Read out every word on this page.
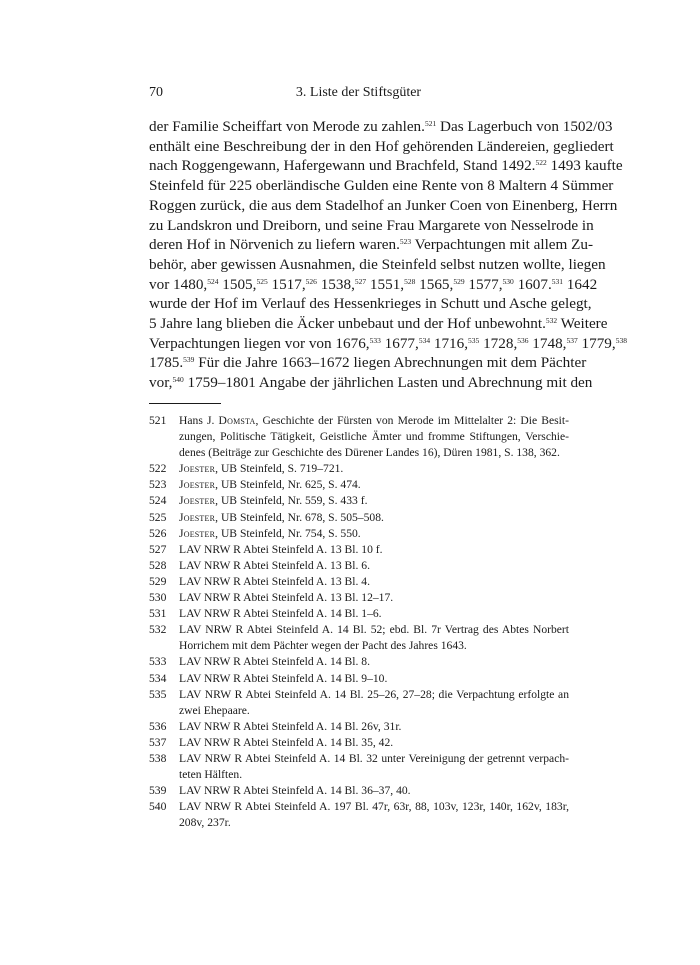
70	3. Liste der Stiftsgüter
der Familie Scheiffart von Merode zu zahlen.$^{521}$ Das Lagerbuch von 1502/03
enthält eine Beschreibung der in den Hof gehörenden Ländereien, gegliedert
nach Roggengewann, Hafergewann und Brachfeld, Stand 1492.$^{522}$ 1493 kaufte
Steinfeld für 225 oberländische Gulden eine Rente von 8 Maltern 4 Sümmer
Roggen zurück, die aus dem Stadelhof an Junker Coen von Einenberg, Herrn
zu Landskron und Dreiborn, und seine Frau Margarete von Nesselrode in
deren Hof in Nörvenich zu liefern waren.$^{523}$ Verpachtungen mit allem Zu-
behör, aber gewissen Ausnahmen, die Steinfeld selbst nutzen wollte, liegen
vor 1480,$^{524}$ 1505,$^{525}$ 1517,$^{526}$ 1538,$^{527}$ 1551,$^{528}$ 1565,$^{529}$ 1577,$^{530}$ 1607.$^{531}$ 1642
wurde der Hof im Verlauf des Hessenkrieges in Schutt und Asche gelegt,
5 Jahre lang blieben die Äcker unbebaut und der Hof unbewohnt.$^{532}$ Weitere
Verpachtungen liegen vor von 1676,$^{533}$ 1677,$^{534}$ 1716,$^{535}$ 1728,$^{536}$ 1748,$^{537}$ 1779,$^{538}$
1785.$^{539}$ Für die Jahre 1663–1672 liegen Abrechnungen mit dem Pächter
vor,$^{540}$ 1759–1801 Angabe der jährlichen Lasten und Abrechnung mit den
521 Hans J. Domsta, Geschichte der Fürsten von Merode im Mittelalter 2: Die Besit-
zungen, Politische Tätigkeit, Geistliche Ämter und fromme Stiftungen, Verschie-
denes (Beiträge zur Geschichte des Dürener Landes 16), Düren 1981, S. 138, 362.
522 Joester, UB Steinfeld, S. 719–721.
523 Joester, UB Steinfeld, Nr. 625, S. 474.
524 Joester, UB Steinfeld, Nr. 559, S. 433 f.
525 Joester, UB Steinfeld, Nr. 678, S. 505–508.
526 Joester, UB Steinfeld, Nr. 754, S. 550.
527 LAV NRW R Abtei Steinfeld A. 13 Bl. 10 f.
528 LAV NRW R Abtei Steinfeld A. 13 Bl. 6.
529 LAV NRW R Abtei Steinfeld A. 13 Bl. 4.
530 LAV NRW R Abtei Steinfeld A. 13 Bl. 12–17.
531 LAV NRW R Abtei Steinfeld A. 14 Bl. 1–6.
532 LAV NRW R Abtei Steinfeld A. 14 Bl. 52; ebd. Bl. 7r Vertrag des Abtes Norbert
Horrichem mit dem Pächter wegen der Pacht des Jahres 1643.
533 LAV NRW R Abtei Steinfeld A. 14 Bl. 8.
534 LAV NRW R Abtei Steinfeld A. 14 Bl. 9–10.
535 LAV NRW R Abtei Steinfeld A. 14 Bl. 25–26, 27–28; die Verpachtung erfolgte an
zwei Ehepaare.
536 LAV NRW R Abtei Steinfeld A. 14 Bl. 26v, 31r.
537 LAV NRW R Abtei Steinfeld A. 14 Bl. 35, 42.
538 LAV NRW R Abtei Steinfeld A. 14 Bl. 32 unter Vereinigung der getrennt verpach-
teten Hälften.
539 LAV NRW R Abtei Steinfeld A. 14 Bl. 36–37, 40.
540 LAV NRW R Abtei Steinfeld A. 197 Bl. 47r, 63r, 88, 103v, 123r, 140r, 162v, 183r,
208v, 237r.
